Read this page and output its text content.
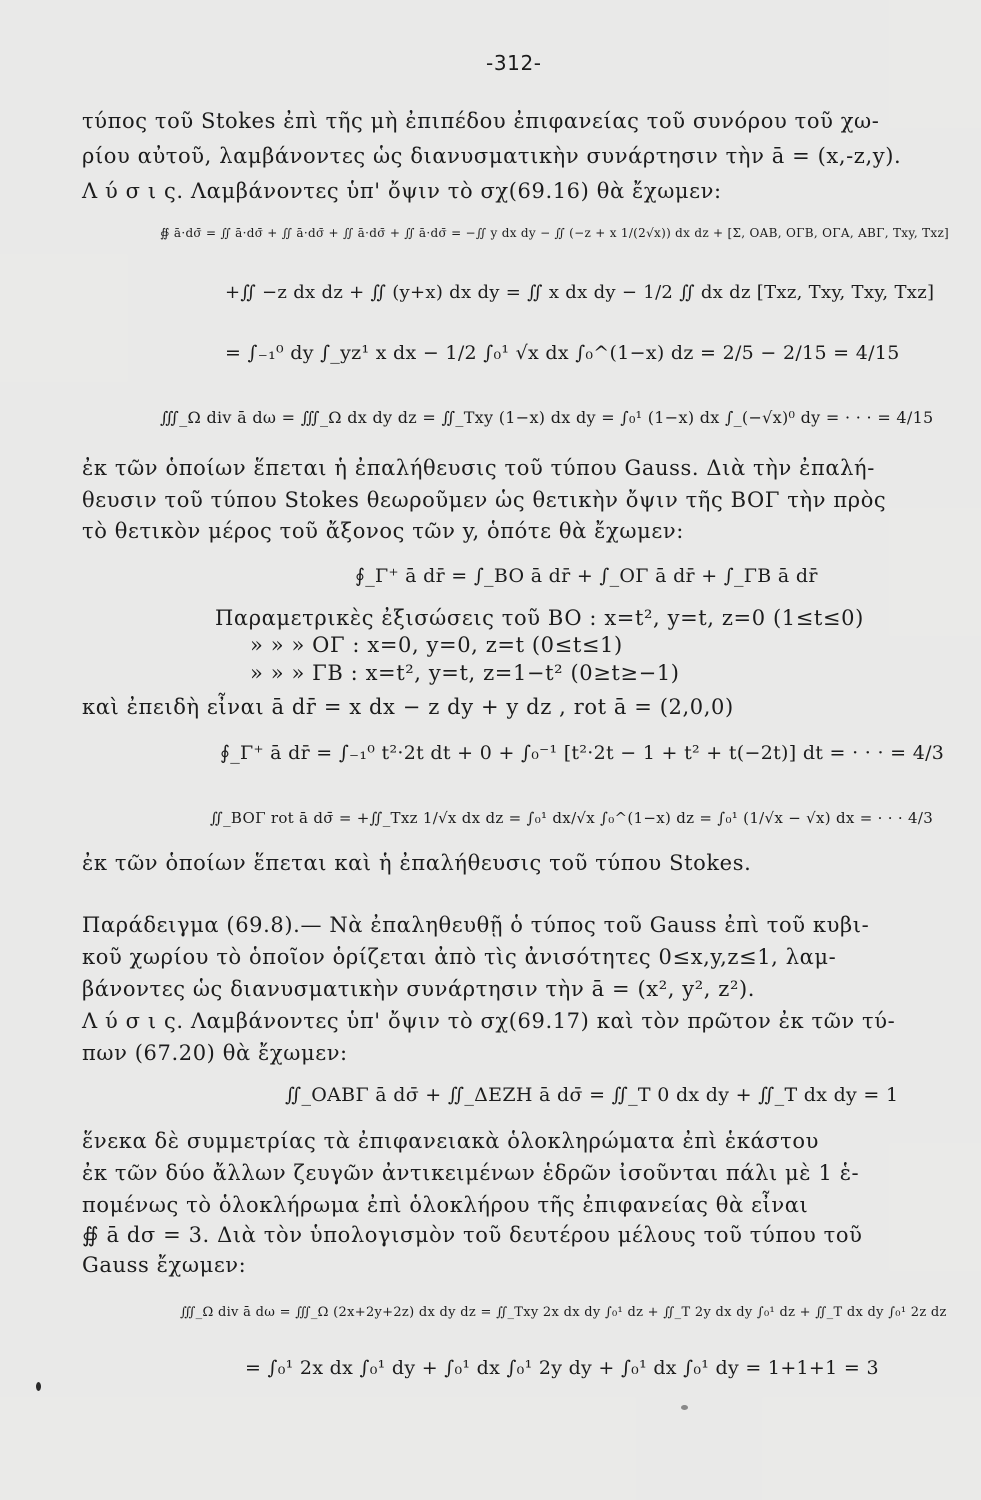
-312-
τύπος τοῦ Stokes ἐπὶ τῆς μὴ ἐπιπέδου ἐπιφανείας τοῦ συνόρου τοῦ χω-
ρίου αὐτοῦ, λαμβάνοντες ὡς διανυσματικὴν συνάρτησιν τὴν ā = (x,-z,y).
Λ ύ σ ι ς. Λαμβάνοντες ὑπ' ὄψιν τὸ σχ(69.16) θὰ ἔχωμεν:
∯ ā·dσ̄ = ∬ ā·dσ̄ + ∬ ā·dσ̄ + ∬ ā·dσ̄ + ∬ ā·dσ̄ = −∬ y dx dy − ∬ (−z + x 1/(2√x)) dx dz + [Σ, OAB, OΓB, OΓA, ABΓ, Txy, Txz]
+∬ −z dx dz + ∬ (y+x) dx dy = ∬ x dx dy − 1/2 ∬ dx dz [Txz, Txy, Txy, Txz]
= ∫₋₁⁰ dy ∫_yz¹ x dx − 1/2 ∫₀¹ √x dx ∫₀^(1−x) dz = 2/5 − 2/15 = 4/15
∭_Ω div ā dω = ∭_Ω dx dy dz = ∬_Txy (1−x) dx dy = ∫₀¹ (1−x) dx ∫_(−√x)⁰ dy = · · · = 4/15
ἐκ τῶν ὁποίων ἕπεται ἡ ἐπαλήθευσις τοῦ τύπου Gauss. Διὰ τὴν ἐπαλή-
θευσιν τοῦ τύπου Stokes θεωροῦμεν ὡς θετικὴν ὄψιν τῆς BOΓ τὴν πρὸς
τὸ θετικὸν μέρος τοῦ ἄξονος τῶν y, ὁπότε θὰ ἔχωμεν:
∮_Γ⁺ ā dr̄ = ∫_BO ā dr̄ + ∫_OΓ ā dr̄ + ∫_ΓB ā dr̄
Παραμετρικὲς ἐξισώσεις τοῦ BO : x=t², y=t, z=0 (1≤t≤0)
» » » OΓ : x=0, y=0, z=t (0≤t≤1)
» » » ΓB : x=t², y=t, z=1−t² (0≥t≥−1)
καὶ ἐπειδὴ εἶναι ā dr̄ = x dx − z dy + y dz , rot ā = (2,0,0)
∮_Γ⁺ ā dr̄ = ∫₋₁⁰ t²·2t dt + 0 + ∫₀⁻¹ [t²·2t − 1 + t² + t(−2t)] dt = · · · = 4/3
∬_BOΓ rot ā dσ̄ = +∬_Txz 1/√x dx dz = ∫₀¹ dx/√x ∫₀^(1−x) dz = ∫₀¹ (1/√x − √x) dx = · · · 4/3
ἐκ τῶν ὁποίων ἕπεται καὶ ἡ ἐπαλήθευσις τοῦ τύπου Stokes.
Παράδειγμα (69.8).— Νὰ ἐπαληθευθῇ ὁ τύπος τοῦ Gauss ἐπὶ τοῦ κυβι-
κοῦ χωρίου τὸ ὁποῖον ὁρίζεται ἀπὸ τὶς ἀνισότητες 0≤x,y,z≤1, λαμ-
βάνοντες ὡς διανυσματικὴν συνάρτησιν τὴν ā = (x², y², z²).
Λ ύ σ ι ς. Λαμβάνοντες ὑπ' ὄψιν τὸ σχ(69.17) καὶ τὸν πρῶτον ἐκ τῶν τύ-
πων (67.20) θὰ ἔχωμεν:
∬_OABΓ ā dσ̄ + ∬_ΔEZH ā dσ̄ = ∬_T 0 dx dy + ∬_T dx dy = 1
ἕνεκα δὲ συμμετρίας τὰ ἐπιφανειακὰ ὁλοκληρώματα ἐπὶ ἑκάστου
ἐκ τῶν δύο ἄλλων ζευγῶν ἀντικειμένων ἑδρῶν ἰσοῦνται πάλι μὲ 1 ἑ-
πομένως τὸ ὁλοκλήρωμα ἐπὶ ὁλοκλήρου τῆς ἐπιφανείας θὰ εἶναι
∯ ā dσ = 3. Διὰ τὸν ὑπολογισμὸν τοῦ δευτέρου μέλους τοῦ τύπου τοῦ
Gauss ἔχωμεν:
∭_Ω div ā dω = ∭_Ω (2x+2y+2z) dx dy dz = ∬_Txy 2x dx dy ∫₀¹ dz + ∬_T 2y dx dy ∫₀¹ dz + ∬_T dx dy ∫₀¹ 2z dz
= ∫₀¹ 2x dx ∫₀¹ dy + ∫₀¹ dx ∫₀¹ 2y dy + ∫₀¹ dx ∫₀¹ dy = 1+1+1 = 3
